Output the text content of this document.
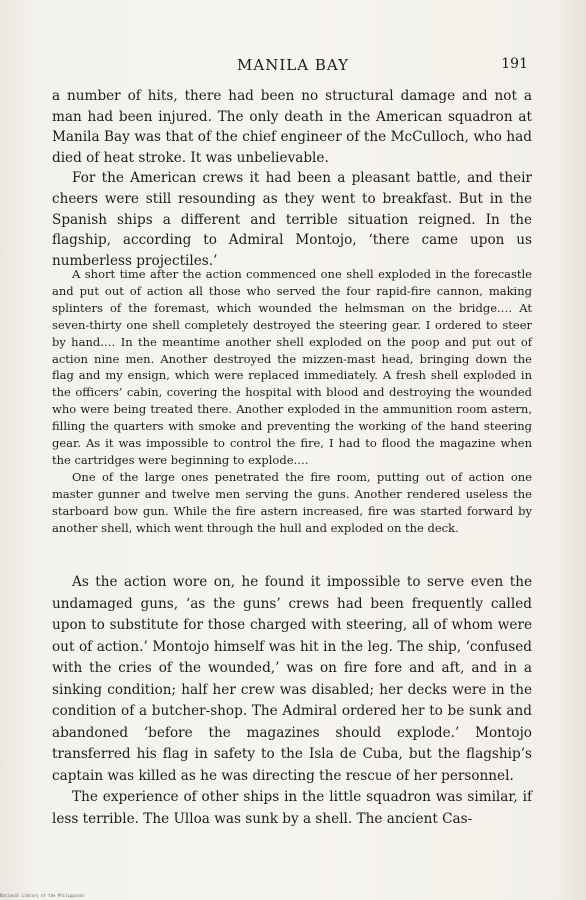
MANILA BAY	191

a number of hits, there had been no structural damage and not a man had been injured. The only death in the American squadron at Manila Bay was that of the chief engineer of the McCulloch, who had died of heat stroke. It was unbelievable.

For the American crews it had been a pleasant battle, and their cheers were still resounding as they went to breakfast. But in the Spanish ships a different and terrible situation reigned. In the flagship, according to Admiral Montojo, ‘there came upon us numberless projectiles.’

A short time after the action commenced one shell exploded in the forecastle and put out of action all those who served the four rapid-fire cannon, making splinters of the foremast, which wounded the helmsman on the bridge.… At seven-thirty one shell completely destroyed the steering gear. I ordered to steer by hand.… In the meantime another shell exploded on the poop and put out of action nine men. Another destroyed the mizzen-mast head, bringing down the flag and my ensign, which were replaced immediately. A fresh shell exploded in the officers’ cabin, covering the hospital with blood and destroying the wounded who were being treated there. Another exploded in the ammunition room astern, filling the quarters with smoke and preventing the working of the hand steering gear. As it was impossible to control the fire, I had to flood the magazine when the cartridges were beginning to explode.…

One of the large ones penetrated the fire room, putting out of action one master gunner and twelve men serving the guns. Another rendered useless the starboard bow gun. While the fire astern increased, fire was started forward by another shell, which went through the hull and exploded on the deck.

As the action wore on, he found it impossible to serve even the undamaged guns, ‘as the guns’ crews had been frequently called upon to substitute for those charged with steering, all of whom were out of action.’ Montojo himself was hit in the leg. The ship, ‘confused with the cries of the wounded,’ was on fire fore and aft, and in a sinking condition; half her crew was disabled; her decks were in the condition of a butcher-shop. The Admiral ordered her to be sunk and abandoned ‘before the magazines should explode.’ Montojo transferred his flag in safety to the Isla de Cuba, but the flagship’s captain was killed as he was directing the rescue of her personnel.

The experience of other ships in the little squadron was similar, if less terrible. The Ulloa was sunk by a shell. The ancient Cas-

National Library of the Philippines
